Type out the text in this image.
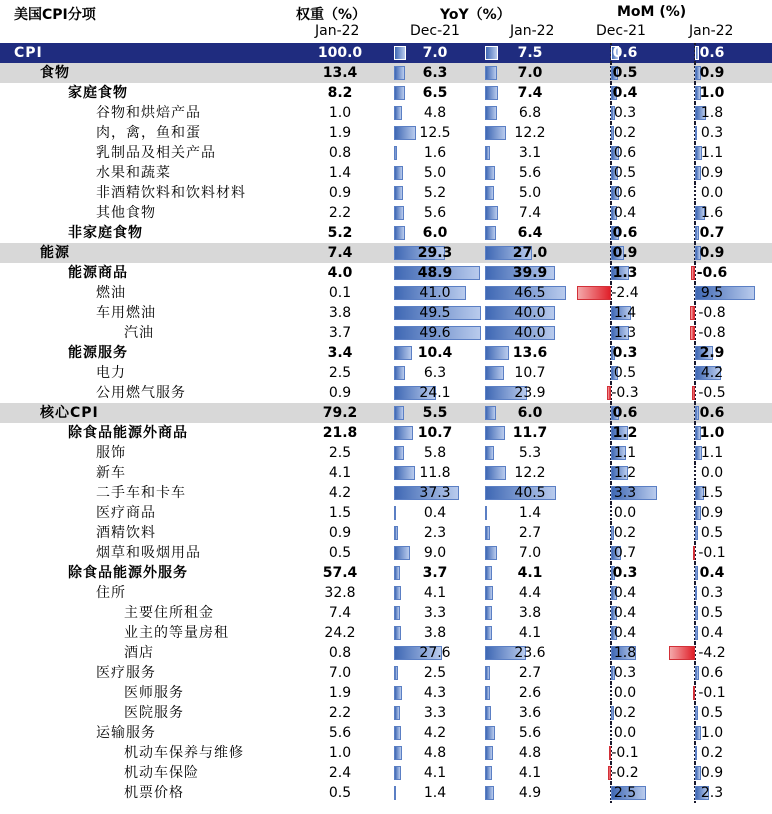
美国CPI分项	权重（%）	YoY（%）	MoM (%)
Jan-22	Dec-21	Jan-22	Dec-21	Jan-22
CPI	100.0	7.0	7.5	0.6	0.6
食物	13.4	6.3	7.0	0.5	0.9
家庭食物	8.2	6.5	7.4	0.4	1.0
谷物和烘焙产品	1.0	4.8	6.8	0.3	1.8
肉，禽，鱼和蛋	1.9	12.5	12.2	0.2	0.3
乳制品及相关产品	0.8	1.6	3.1	0.6	1.1
水果和蔬菜	1.4	5.0	5.6	0.5	0.9
非酒精饮料和饮料材料	0.9	5.2	5.0	0.6	0.0
其他食物	2.2	5.6	7.4	0.4	1.6
非家庭食物	5.2	6.0	6.4	0.6	0.7
能源	7.4	29.3	27.0	0.9	0.9
能源商品	4.0	48.9	39.9	1.3	-0.6
燃油	0.1	41.0	46.5	-2.4	9.5
车用燃油	3.8	49.5	40.0	1.4	-0.8
汽油	3.7	49.6	40.0	1.3	-0.8
能源服务	3.4	10.4	13.6	0.3	2.9
电力	2.5	6.3	10.7	0.5	4.2
公用燃气服务	0.9	24.1	23.9	-0.3	-0.5
核心CPI	79.2	5.5	6.0	0.6	0.6
除食品能源外商品	21.8	10.7	11.7	1.2	1.0
服饰	2.5	5.8	5.3	1.1	1.1
新车	4.1	11.8	12.2	1.2	0.0
二手车和卡车	4.2	37.3	40.5	3.3	1.5
医疗商品	1.5	0.4	1.4	0.0	0.9
酒精饮料	0.9	2.3	2.7	0.2	0.5
烟草和吸烟用品	0.5	9.0	7.0	0.7	-0.1
除食品能源外服务	57.4	3.7	4.1	0.3	0.4
住所	32.8	4.1	4.4	0.4	0.3
主要住所租金	7.4	3.3	3.8	0.4	0.5
业主的等量房租	24.2	3.8	4.1	0.4	0.4
酒店	0.8	27.6	23.6	1.8	-4.2
医疗服务	7.0	2.5	2.7	0.3	0.6
医师服务	1.9	4.3	2.6	0.0	-0.1
医院服务	2.2	3.3	3.6	0.2	0.5
运输服务	5.6	4.2	5.6	0.0	1.0
机动车保养与维修	1.0	4.8	4.8	-0.1	0.2
机动车保险	2.4	4.1	4.1	-0.2	0.9
机票价格	0.5	1.4	4.9	2.5	2.3
